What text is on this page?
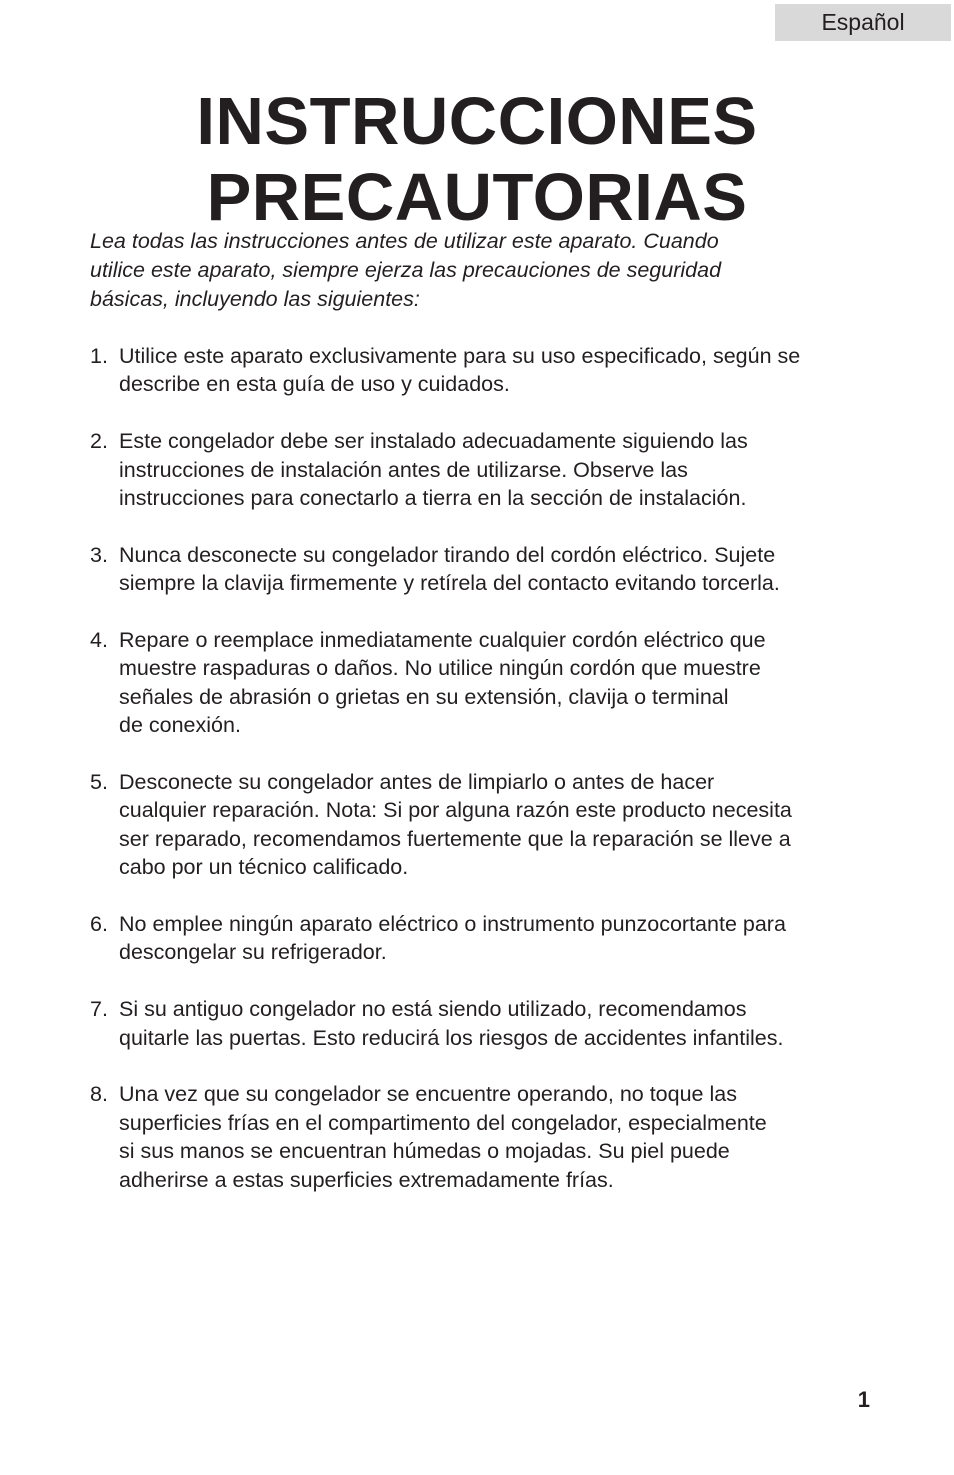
Español
INSTRUCCIONES
PRECAUTORIAS

Lea todas las instrucciones antes de utilizar este aparato. Cuando
utilice este aparato, siempre ejerza las precauciones de seguridad
básicas, incluyendo las siguientes:

1. Utilice este aparato exclusivamente para su uso especificado, según se
describe en esta guía de uso y cuidados.
2. Este congelador debe ser instalado adecuadamente siguiendo las
instrucciones de instalación antes de utilizarse. Observe las
instrucciones para conectarlo a tierra en la sección de instalación.
3. Nunca desconecte su congelador tirando del cordón eléctrico. Sujete
siempre la clavija firmemente y retírela del contacto evitando torcerla.
4. Repare o reemplace inmediatamente cualquier cordón eléctrico que
muestre raspaduras o daños. No utilice ningún cordón que muestre
señales de abrasión o grietas en su extensión, clavija o terminal
de conexión.
5. Desconecte su congelador antes de limpiarlo o antes de hacer
cualquier reparación. Nota: Si por alguna razón este producto necesita
ser reparado, recomendamos fuertemente que la reparación se lleve a
cabo por un técnico calificado.
6. No emplee ningún aparato eléctrico o instrumento punzocortante para
descongelar su refrigerador.
7. Si su antiguo congelador no está siendo utilizado, recomendamos
quitarle las puertas. Esto reducirá los riesgos de accidentes infantiles.
8. Una vez que su congelador se encuentre operando, no toque las
superficies frías en el compartimento del congelador, especialmente
si sus manos se encuentran húmedas o mojadas. Su piel puede
adherirse a estas superficies extremadamente frías.
1
